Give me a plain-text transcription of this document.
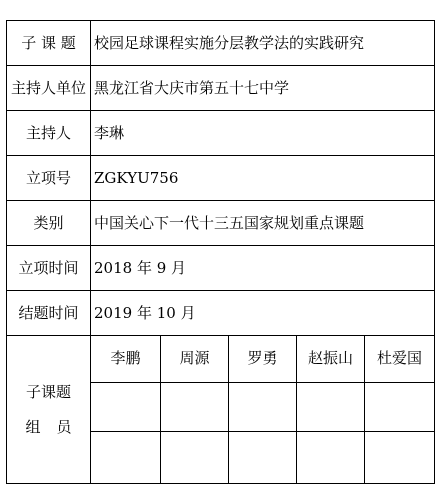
子 课 题	校园足球课程实施分层教学法的实践研究				
主持人单位	黑龙江省大庆市第五十七中学				
主持人	李琳				
立项号	ZGKYU756				
类别	中国关心下一代十三五国家规划重点课题				
立项时间	2018 年 9 月				
结题时间	2019 年 10 月				

子课题
组员	李鹏	周源	罗勇	赵振山	杜爱国
